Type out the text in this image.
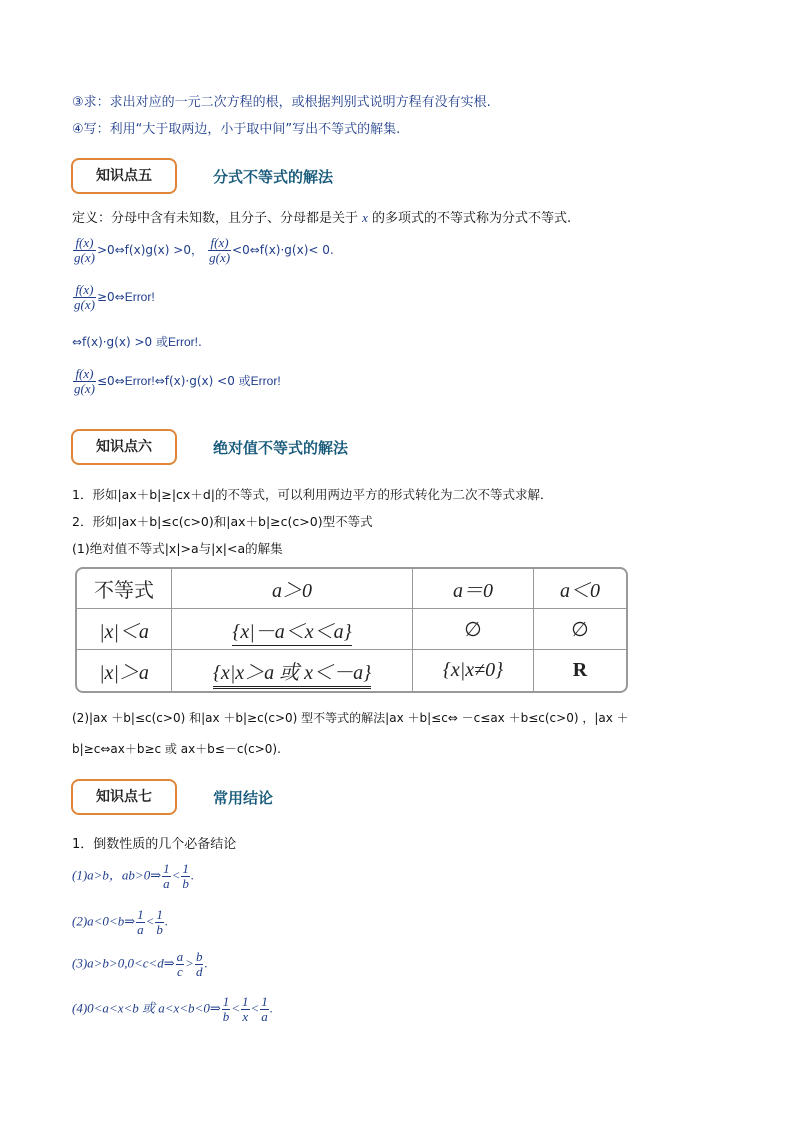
③求：求出对应的一元二次方程的根，或根据判别式说明方程有没有实根.
④写：利用“大于取两边，小于取中间”写出不等式的解集.
知识点五	分式不等式的解法
定义：分母中含有未知数，且分子、分母都是关于 x 的多项式的不等式称为分式不等式.
$\frac{f(x)}{g(x)}$ >0⇔f(x)g(x) >0， $\frac{f(x)}{g(x)}$ <0⇔f(x)·g(x)< 0.
$\frac{f(x)}{g(x)}$ ≥0⇔Error!
⇔f(x)·g(x) >0 或Error!.
$\frac{f(x)}{g(x)}$ ≤0⇔Error!⇔f(x)·g(x) <0 或Error!
知识点六	绝对值不等式的解法
1．形如|ax＋b|≥|cx＋d|的不等式，可以利用两边平方的形式转化为二次不等式求解．
2．形如|ax＋b|≤c(c>0)和|ax＋b|≥c(c>0)型不等式
(1)绝对值不等式|x|>a与|x|<a的解集
不等式	a＞0	a＝0	a＜0
|x|＜a	{x|－a＜x＜a}	∅	∅
|x|＞a	{x|x＞a 或 x＜－a}	{x|x≠0}	R
(2)|ax ＋b|≤c(c>0) 和|ax ＋b|≥c(c>0) 型不等式的解法|ax ＋b|≤c⇔ －c≤ax ＋b≤c(c>0) ，|ax ＋
b|≥c⇔ax＋b≥c 或 ax＋b≤－c(c>0).
知识点七	常用结论
1．倒数性质的几个必备结论
(1)a>b，ab>0⇒ $\frac{1}{a} < \frac{1}{b}$ .
(2)a<0<b⇒ $\frac{1}{a} < \frac{1}{b}$ .
(3)a>b>0,0<c<d⇒ $\frac{a}{c} > \frac{b}{d}$ .
(4)0<a<x<b 或 a<x<b<0⇒ $\frac{1}{b} < \frac{1}{x} < \frac{1}{a}$ .
